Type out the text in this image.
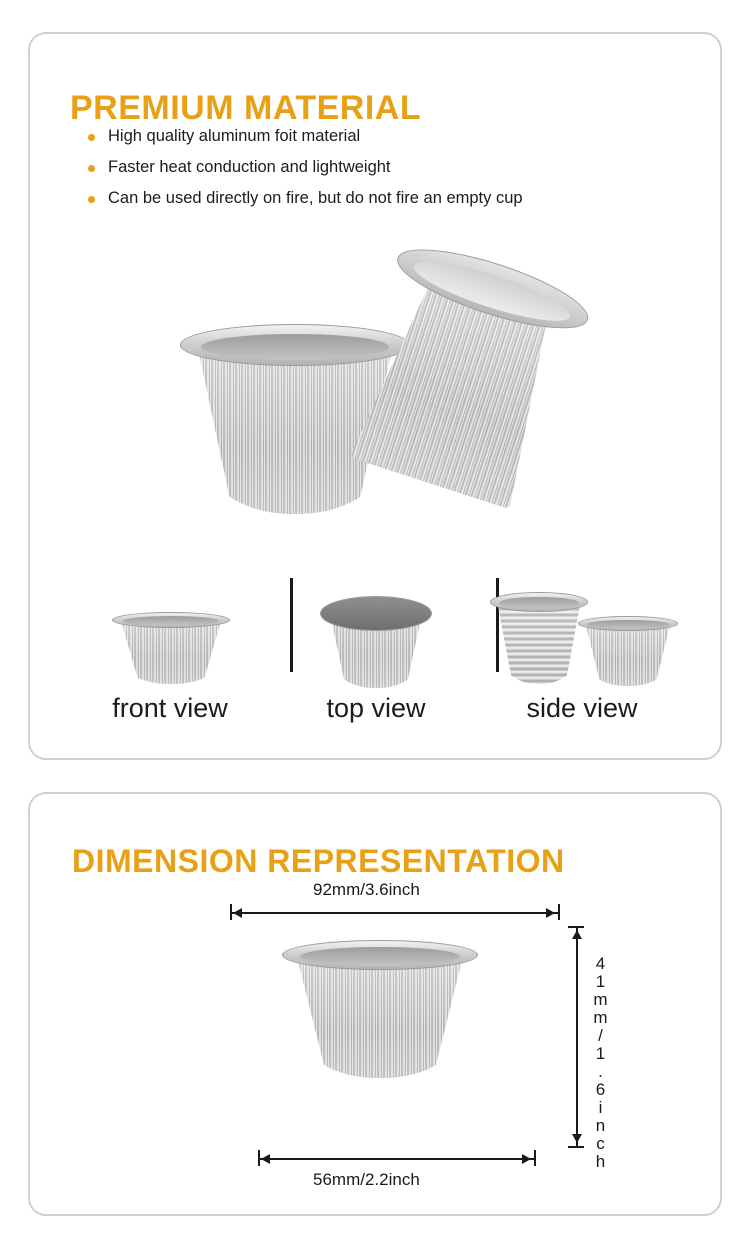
PREMIUM MATERIAL
High quality aluminum foit material
Faster heat conduction and lightweight
Can be used directly on fire, but do not fire an empty cup
front view	top view	side view
DIMENSION REPRESENTATION
92mm/3.6inch
41mm/1.6inch
56mm/2.2inch
